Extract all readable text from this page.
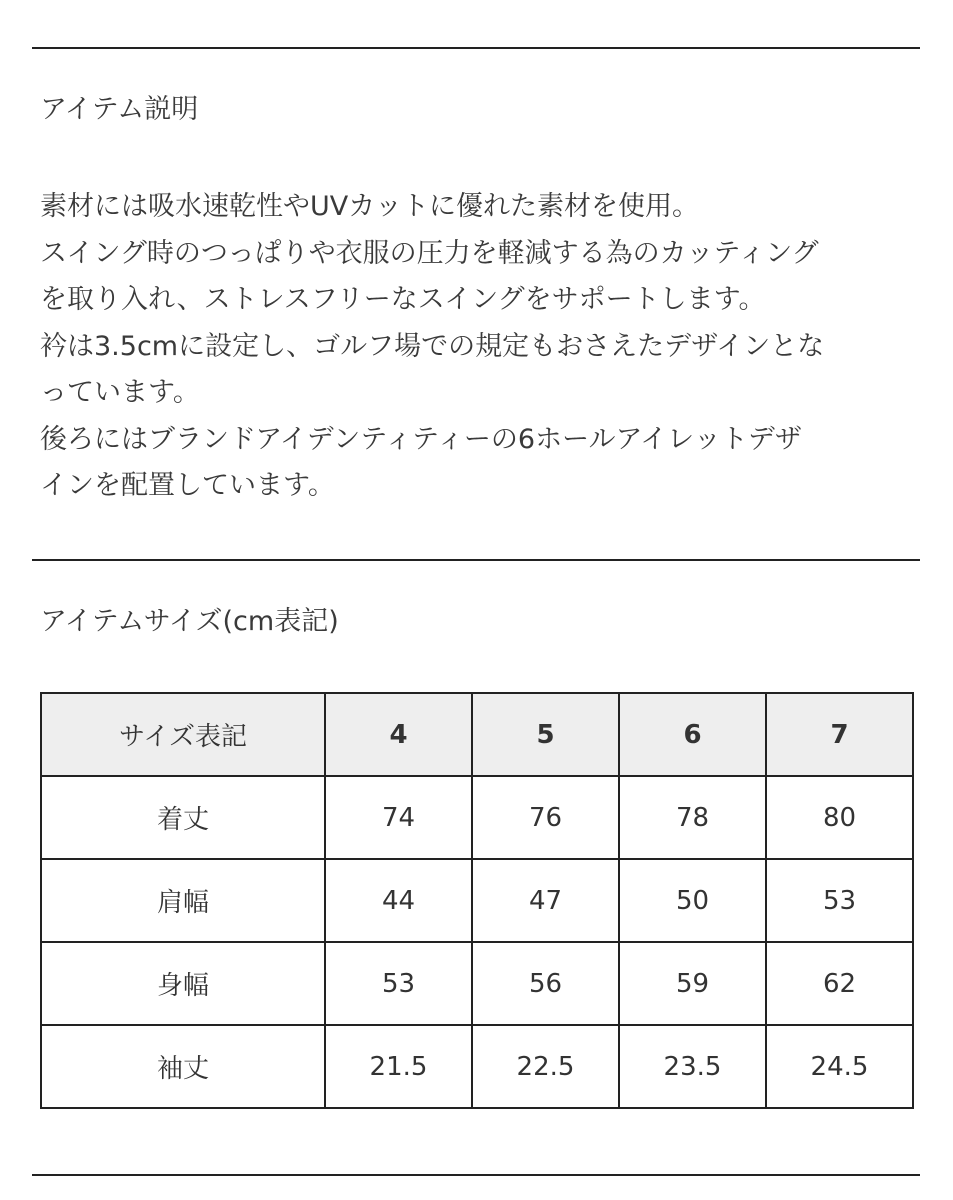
アイテム説明
素材には吸水速乾性やUVカットに優れた素材を使用。
スイング時のつっぱりや衣服の圧力を軽減する為のカッティング
を取り入れ、ストレスフリーなスイングをサポートします。
衿は3.5cmに設定し、ゴルフ場での規定もおさえたデザインとな
っています。
後ろにはブランドアイデンティティーの6ホールアイレットデザ
インを配置しています。
アイテムサイズ(cm表記)
サイズ表記	4	5	6	7
着丈	74	76	78	80
肩幅	44	47	50	53
身幅	53	56	59	62
袖丈	21.5	22.5	23.5	24.5
